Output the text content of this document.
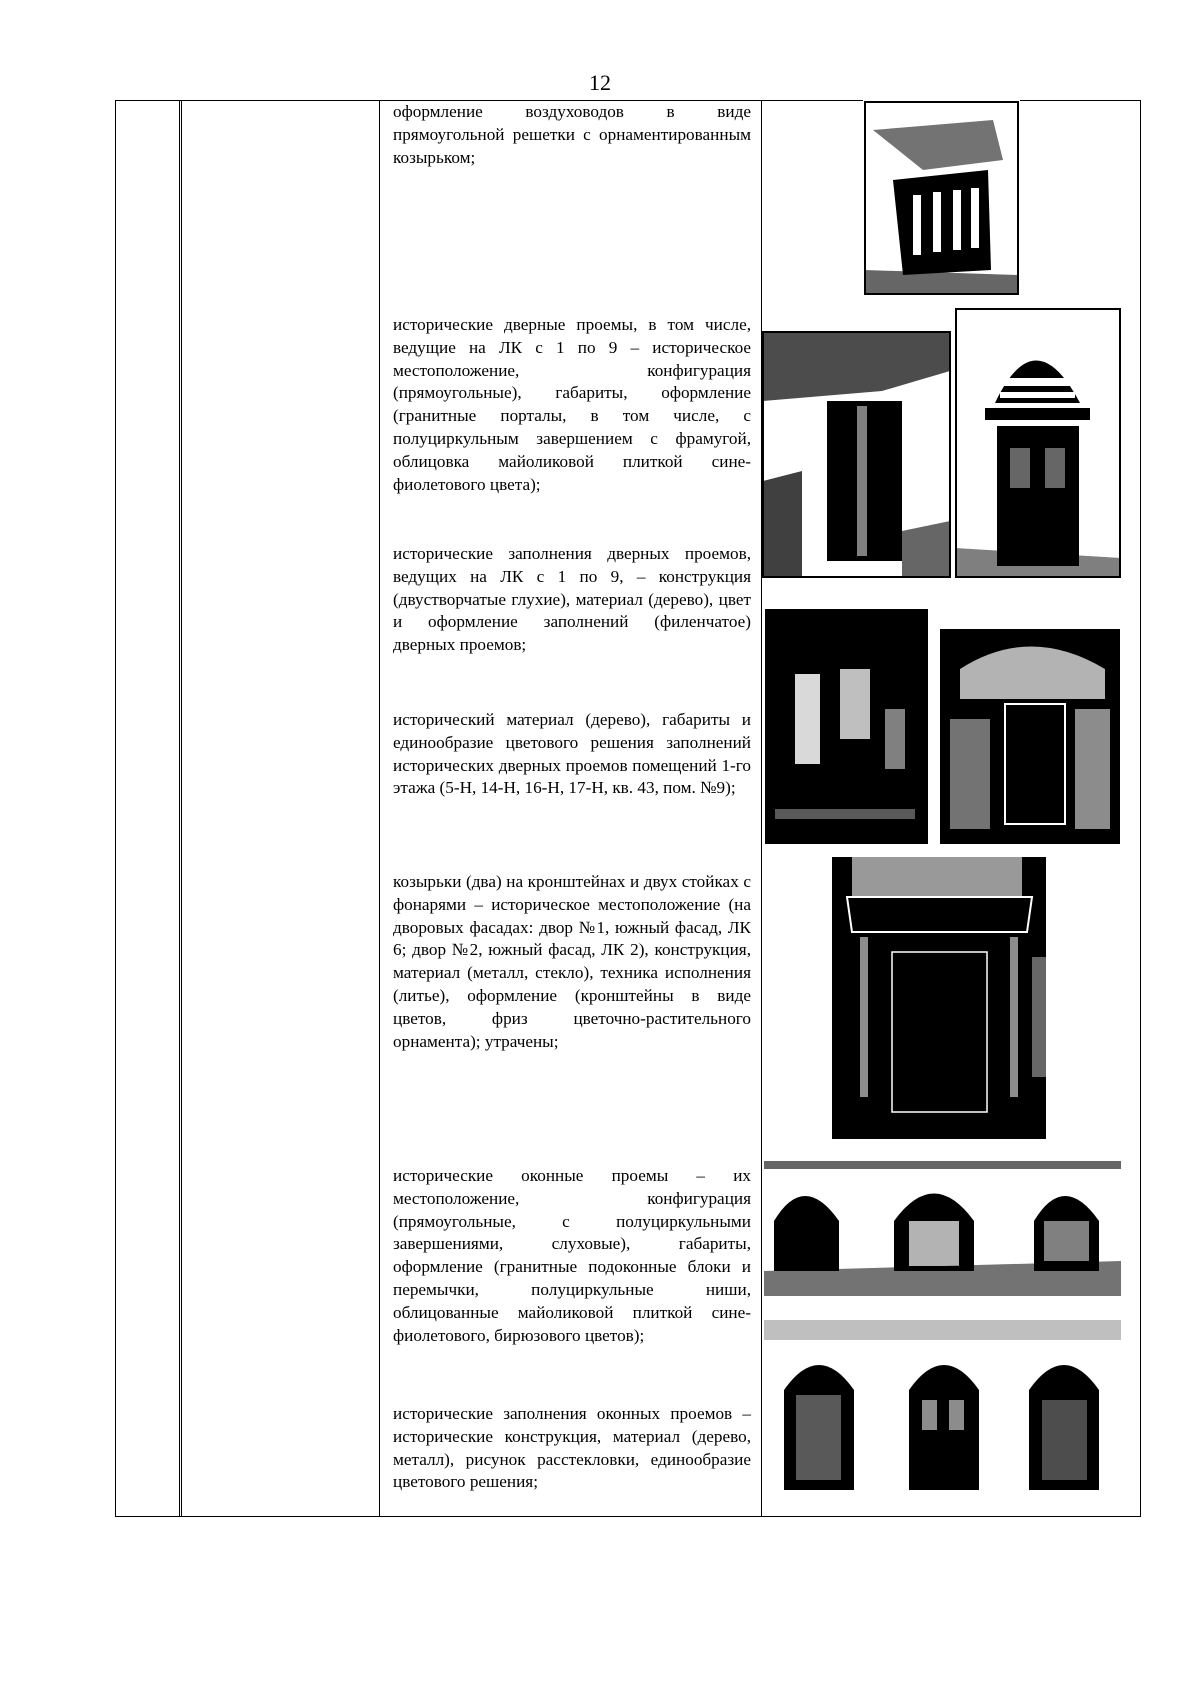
12
оформление воздуховодов в виде прямоугольной решетки с орнаментированным козырьком;
исторические дверные проемы, в том числе, ведущие на ЛК с 1 по 9 – историческое местоположение, конфигурация (прямоугольные), габариты, оформление (гранитные порталы, в том числе, с полуциркульным завершением с фрамугой, облицовка майоликовой плиткой сине-фиолетового цвета);
исторические заполнения дверных проемов, ведущих на ЛК с 1 по 9, – конструкция (двустворчатые глухие), материал (дерево), цвет и оформление заполнений (филенчатое) дверных проемов;
исторический материал (дерево), габариты и единообразие цветового решения заполнений исторических дверных проемов помещений 1-го этажа (5-Н, 14-Н, 16-Н, 17-Н, кв. 43, пом. №9);
козырьки (два) на кронштейнах и двух стойках с фонарями – историческое местоположение (на дворовых фасадах: двор №1, южный фасад, ЛК 6; двор №2, южный фасад, ЛК 2), конструкция, материал (металл, стекло), техника исполнения (литье), оформление (кронштейны в виде цветов, фриз цветочно-растительного орнамента); утрачены;
исторические оконные проемы – их местоположение, конфигурация (прямоугольные, с полуциркульными завершениями, слуховые), габариты, оформление (гранитные подоконные блоки и перемычки, полуциркульные ниши, облицованные майоликовой плиткой сине-фиолетового, бирюзового цветов);
исторические заполнения оконных проемов – исторические конструкция, материал (дерево, металл), рисунок расстекловки, единообразие цветового решения;
